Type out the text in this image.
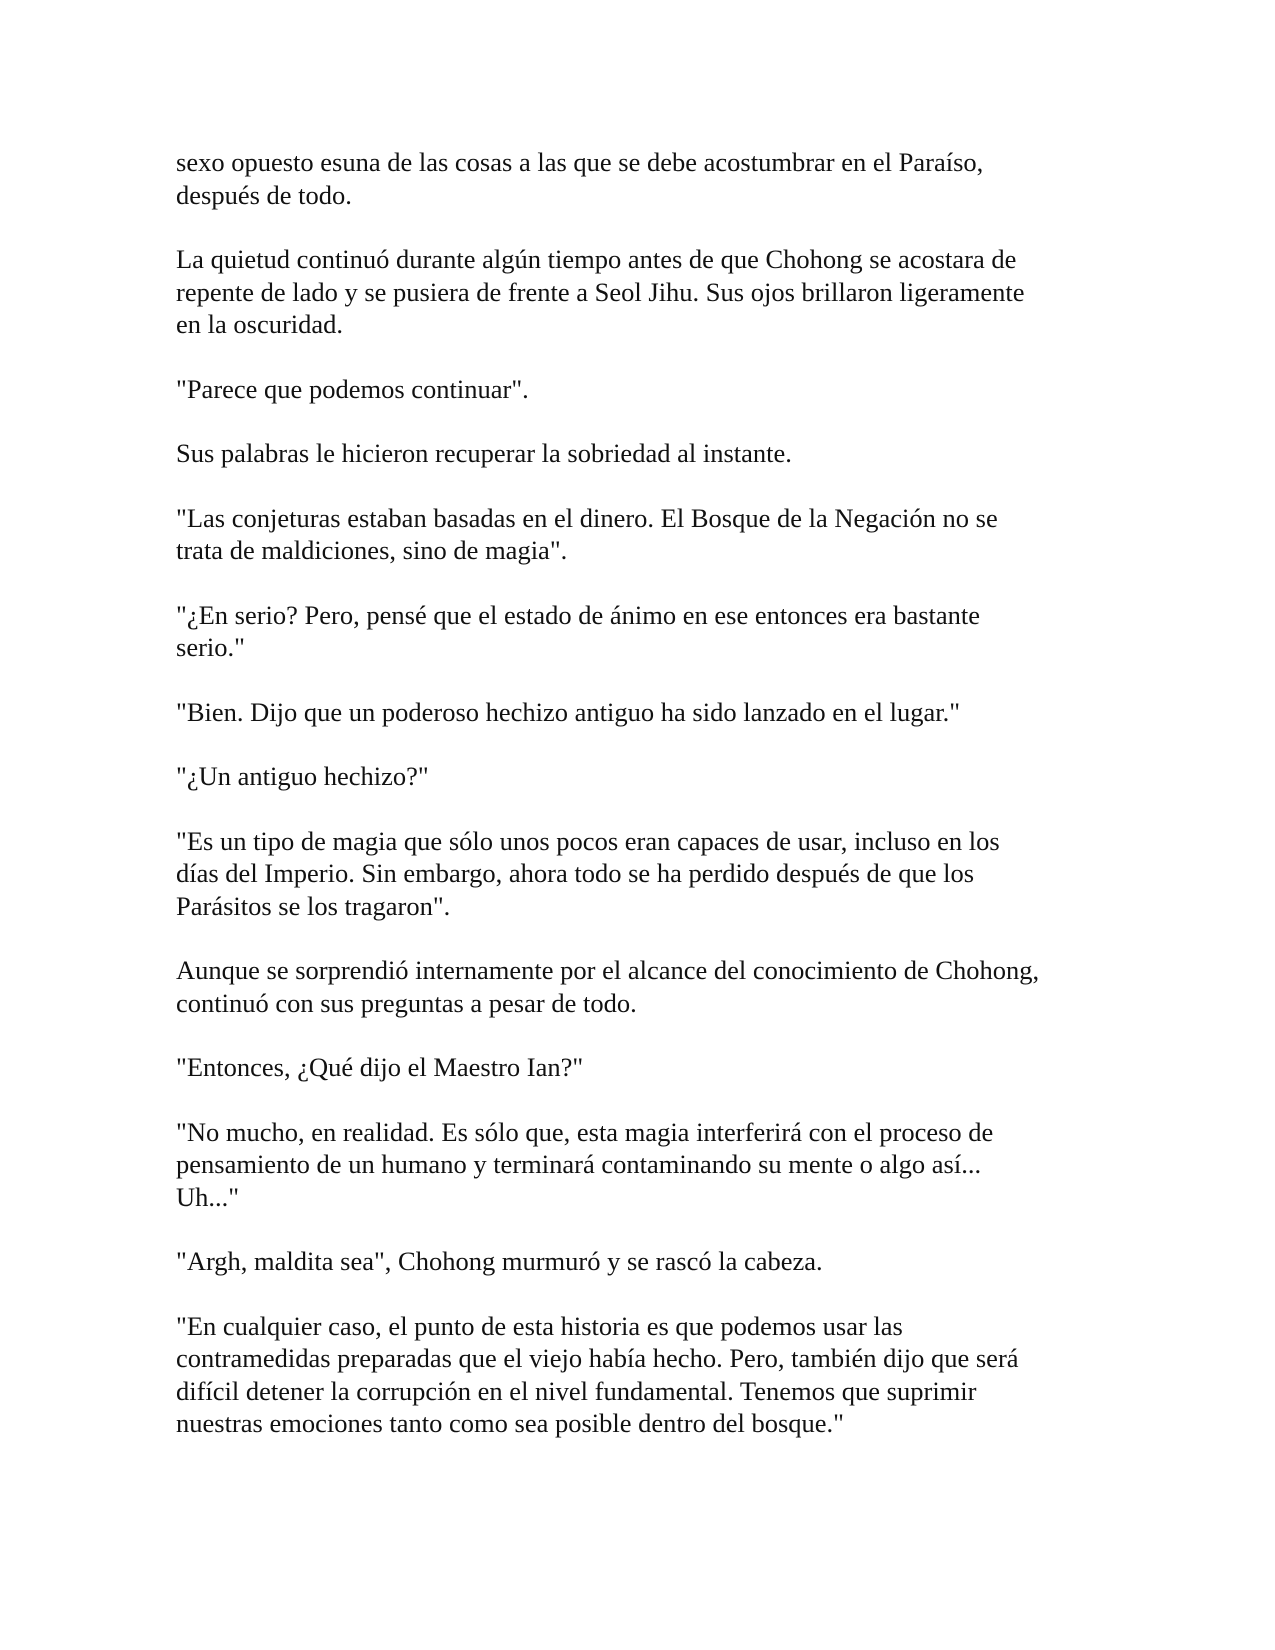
sexo opuesto esuna de las cosas a las que se debe acostumbrar en el Paraíso,
después de todo.

La quietud continuó durante algún tiempo antes de que Chohong se acostara de
repente de lado y se pusiera de frente a Seol Jihu. Sus ojos brillaron ligeramente
en la oscuridad.

"Parece que podemos continuar".

Sus palabras le hicieron recuperar la sobriedad al instante.

"Las conjeturas estaban basadas en el dinero. El Bosque de la Negación no se
trata de maldiciones, sino de magia".

"¿En serio? Pero, pensé que el estado de ánimo en ese entonces era bastante
serio."

"Bien. Dijo que un poderoso hechizo antiguo ha sido lanzado en el lugar."

"¿Un antiguo hechizo?"

"Es un tipo de magia que sólo unos pocos eran capaces de usar, incluso en los
días del Imperio. Sin embargo, ahora todo se ha perdido después de que los
Parásitos se los tragaron".

Aunque se sorprendió internamente por el alcance del conocimiento de Chohong,
continuó con sus preguntas a pesar de todo.

"Entonces, ¿Qué dijo el Maestro Ian?"

"No mucho, en realidad. Es sólo que, esta magia interferirá con el proceso de
pensamiento de un humano y terminará contaminando su mente o algo así...
Uh..."

"Argh, maldita sea", Chohong murmuró y se rascó la cabeza.

"En cualquier caso, el punto de esta historia es que podemos usar las
contramedidas preparadas que el viejo había hecho. Pero, también dijo que será
difícil detener la corrupción en el nivel fundamental. Tenemos que suprimir
nuestras emociones tanto como sea posible dentro del bosque."
